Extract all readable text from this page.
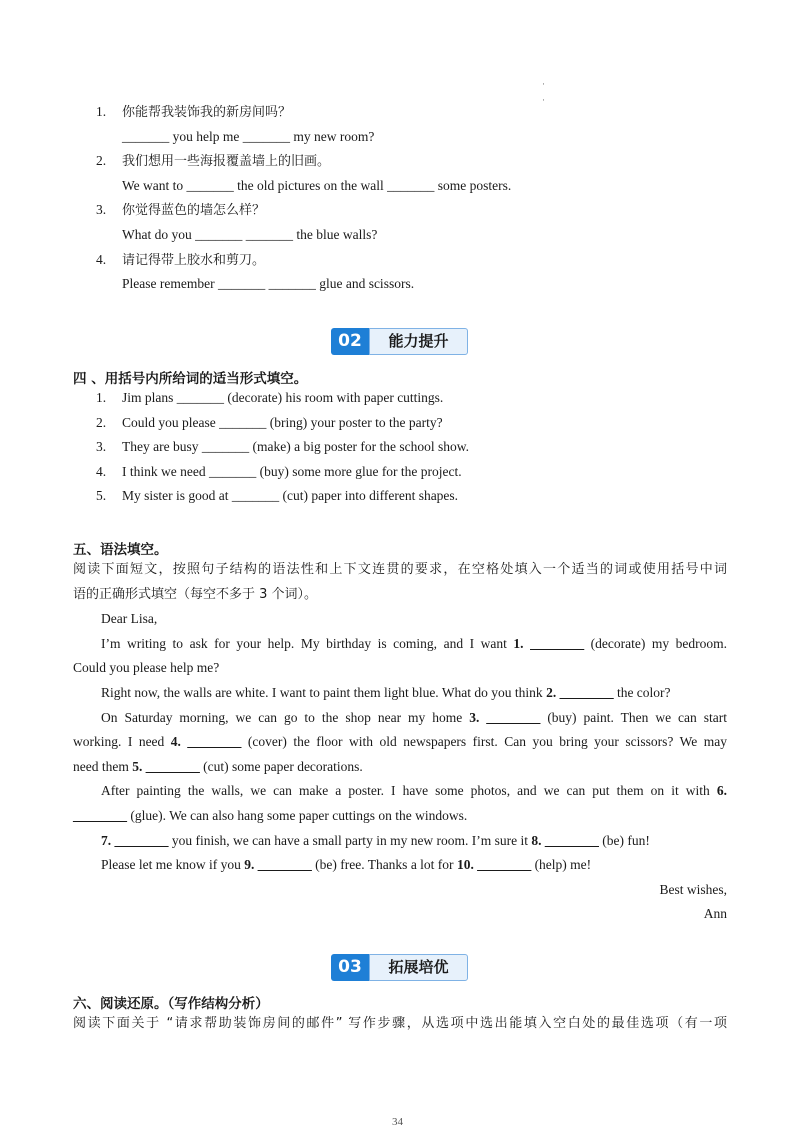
·
·
1. 你能帮我装饰我的新房间吗？
_______ you help me _______ my new room?
2. 我们想用一些海报覆盖墙上的旧画。
We want to _______ the old pictures on the wall _______ some posters.
3. 你觉得蓝色的墙怎么样？
What do you _______ _______ the blue walls?
4. 请记得带上胶水和剪刀。
Please remember _______ _______ glue and scissors.
02	能力提升
四 、用括号内所给词的适当形式填空。
1. Jim plans _______ (decorate) his room with paper cuttings.
2. Could you please _______ (bring) your poster to the party?
3. They are busy _______ (make) a big poster for the school show.
4. I think we need _______ (buy) some more glue for the project.
5. My sister is good at _______ (cut) paper into different shapes.
五、语法填空。

阅读下面短文，按照句子结构的语法性和上下文连贯的要求，在空格处填入一个适当的词或使用括号中词

语的正确形式填空（每空不多于 3 个词）。

Dear Lisa,

I’m writing to ask for your help. My birthday is coming, and I want 1. ________ (decorate) my bedroom.

Could you please help me?

Right now, the walls are white. I want to paint them light blue. What do you think 2. ________ the color?

On Saturday morning, we can go to the shop near my home 3. ________ (buy) paint. Then we can start

working. I need 4. ________ (cover) the floor with old newspapers first. Can you bring your scissors? We may

need them 5. ________ (cut) some paper decorations.

After painting the walls, we can make a poster. I have some photos, and we can put them on it with 6.

________ (glue). We can also hang some paper cuttings on the windows.

7. ________ you finish, we can have a small party in my new room. I’m sure it 8. ________ (be) fun!

Please let me know if you 9. ________ (be) free. Thanks a lot for 10. ________ (help) me!

Best wishes,

Ann

03	拓展培优
六、阅读还原。（写作结构分析）

阅读下面关于 “请求帮助装饰房间的邮件” 写作步骤，从选项中选出能填入空白处的最佳选项（有一项

34
